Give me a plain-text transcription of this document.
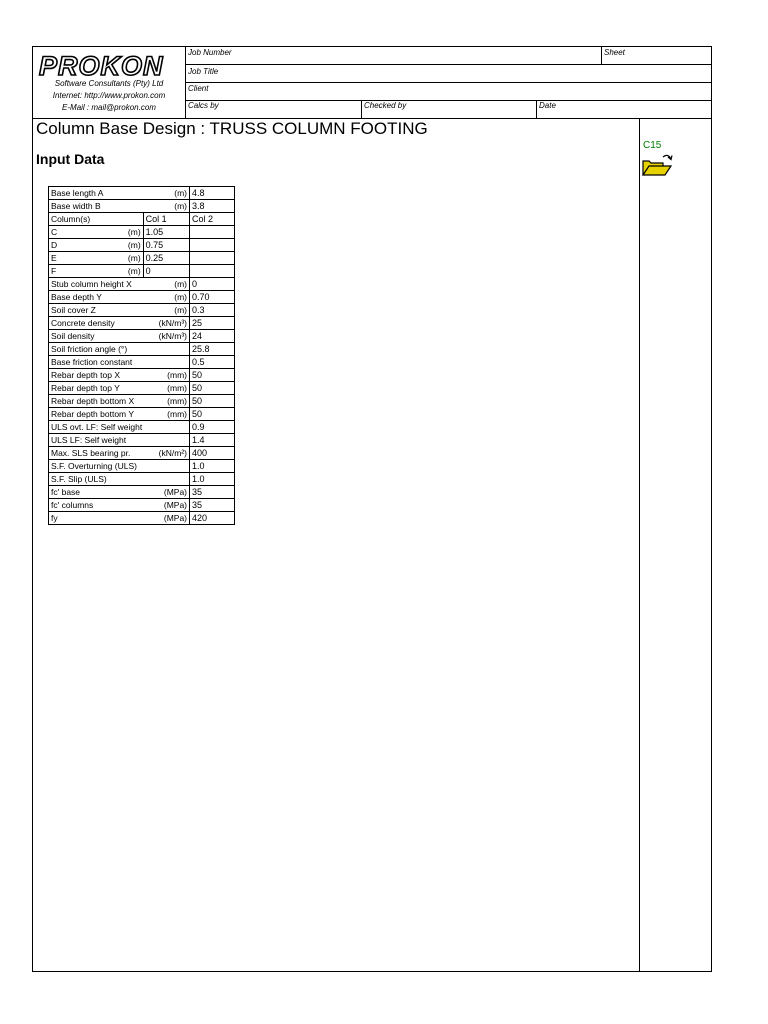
PROKON
Software Consultants (Pty) Ltd
Internet: http://www.prokon.com
E-Mail : mail@prokon.com
Job Number	Sheet
Job Title
Client
Calcs by	Checked by	Date
Column Base Design : TRUSS COLUMN FOOTING
Input Data
C15
Base length A (m)		4.8
Base width B (m)		3.8
Column(s)	Col 1	Col 2
C (m)	1.05	
D (m)	0.75	
E (m)	0.25	
F (m)	0	
Stub column height X (m)		0
Base depth Y (m)		0.70
Soil cover Z (m)		0.3
Concrete density (kN/m³)		25
Soil density (kN/m³)		24
Soil friction angle (°)		25.8
Base friction constant		0.5
Rebar depth top X (mm)		50
Rebar depth top Y (mm)		50
Rebar depth bottom X (mm)		50
Rebar depth bottom Y (mm)		50
ULS ovt. LF: Self weight		0.9
ULS LF: Self weight		1.4
Max. SLS bearing pr. (kN/m²)		400
S.F. Overturning (ULS)		1.0
S.F. Slip (ULS)		1.0
fc' base (MPa)		35
fc' columns (MPa)		35
fy (MPa)		420
